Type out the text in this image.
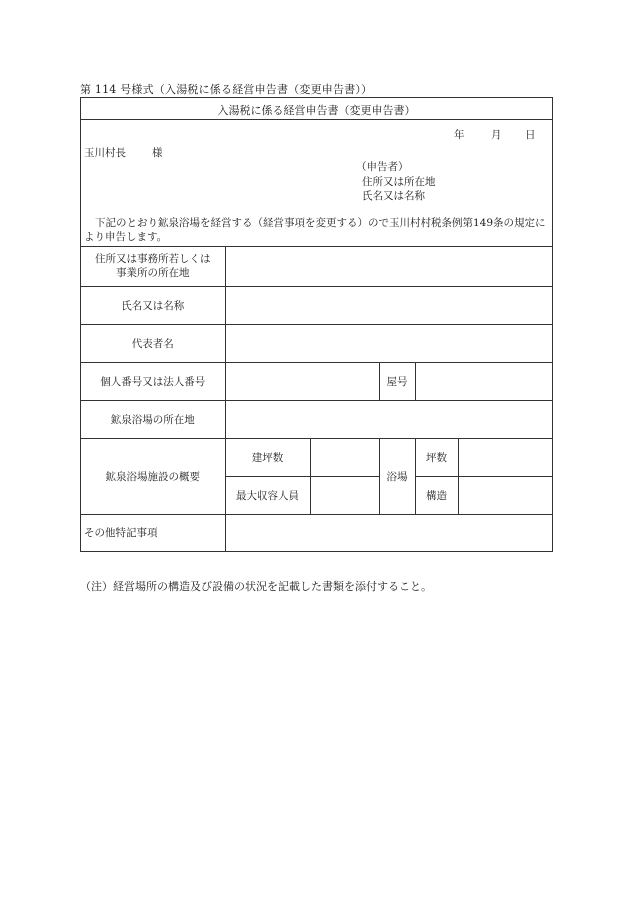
第 114 号様式（入湯税に係る経営申告書（変更申告書））
入湯税に係る経営申告書（変更申告書）
年	月 日
玉川村長 様
（申告者）
住所又は所在地
氏名又は名称
下記のとおり鉱泉浴場を経営する（経営事項を変更する）ので玉川村村税条例第149条の規定により申告します。
住所又は事務所若しくは
事業所の所在地					

氏名又は名称					
代表者名					
個人番号又は法人番号			屋号		
鉱泉浴場の所在地					
鉱泉浴場施設の概要	建坪数		浴場	坪数	
	最大収容人員			構造	
その他特記事項					
（注）経営場所の構造及び設備の状況を記載した書類を添付すること。
